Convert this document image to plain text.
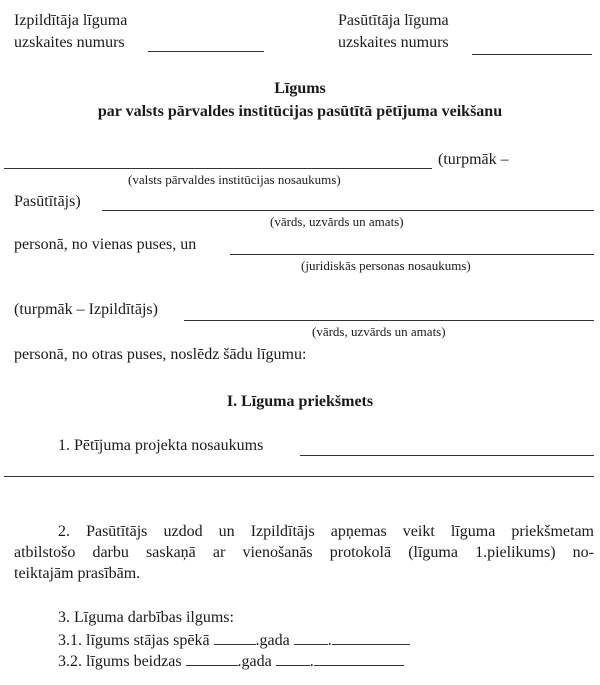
Izpildītāja līguma
uzskaites numurs
Pasūtītāja līguma
uzskaites numurs
Līgums
par valsts pārvaldes institūcijas pasūtītā pētījuma veikšanu
(turpmāk –
(valsts pārvaldes institūcijas nosaukums)
Pasūtītājs)
(vārds, uzvārds un amats)
personā, no vienas puses, un
(juridiskās personas nosaukums)
(turpmāk – Izpildītājs)
(vārds, uzvārds un amats)
personā, no otras puses, noslēdz šādu līgumu:
I. Līguma priekšmets
1. Pētījuma projekta nosaukums
2. Pasūtītājs uzdod un Izpildītājs apņemas veikt līguma priekšmetam
atbilstošo darbu saskaņā ar vienošanās protokolā (līguma 1.pielikums) no-
teiktajām prasībām.
3. Līguma darbības ilgums:
3.1. līgums stājas spēkā	.gada .
3.2. līgums beidzas	.gada .
